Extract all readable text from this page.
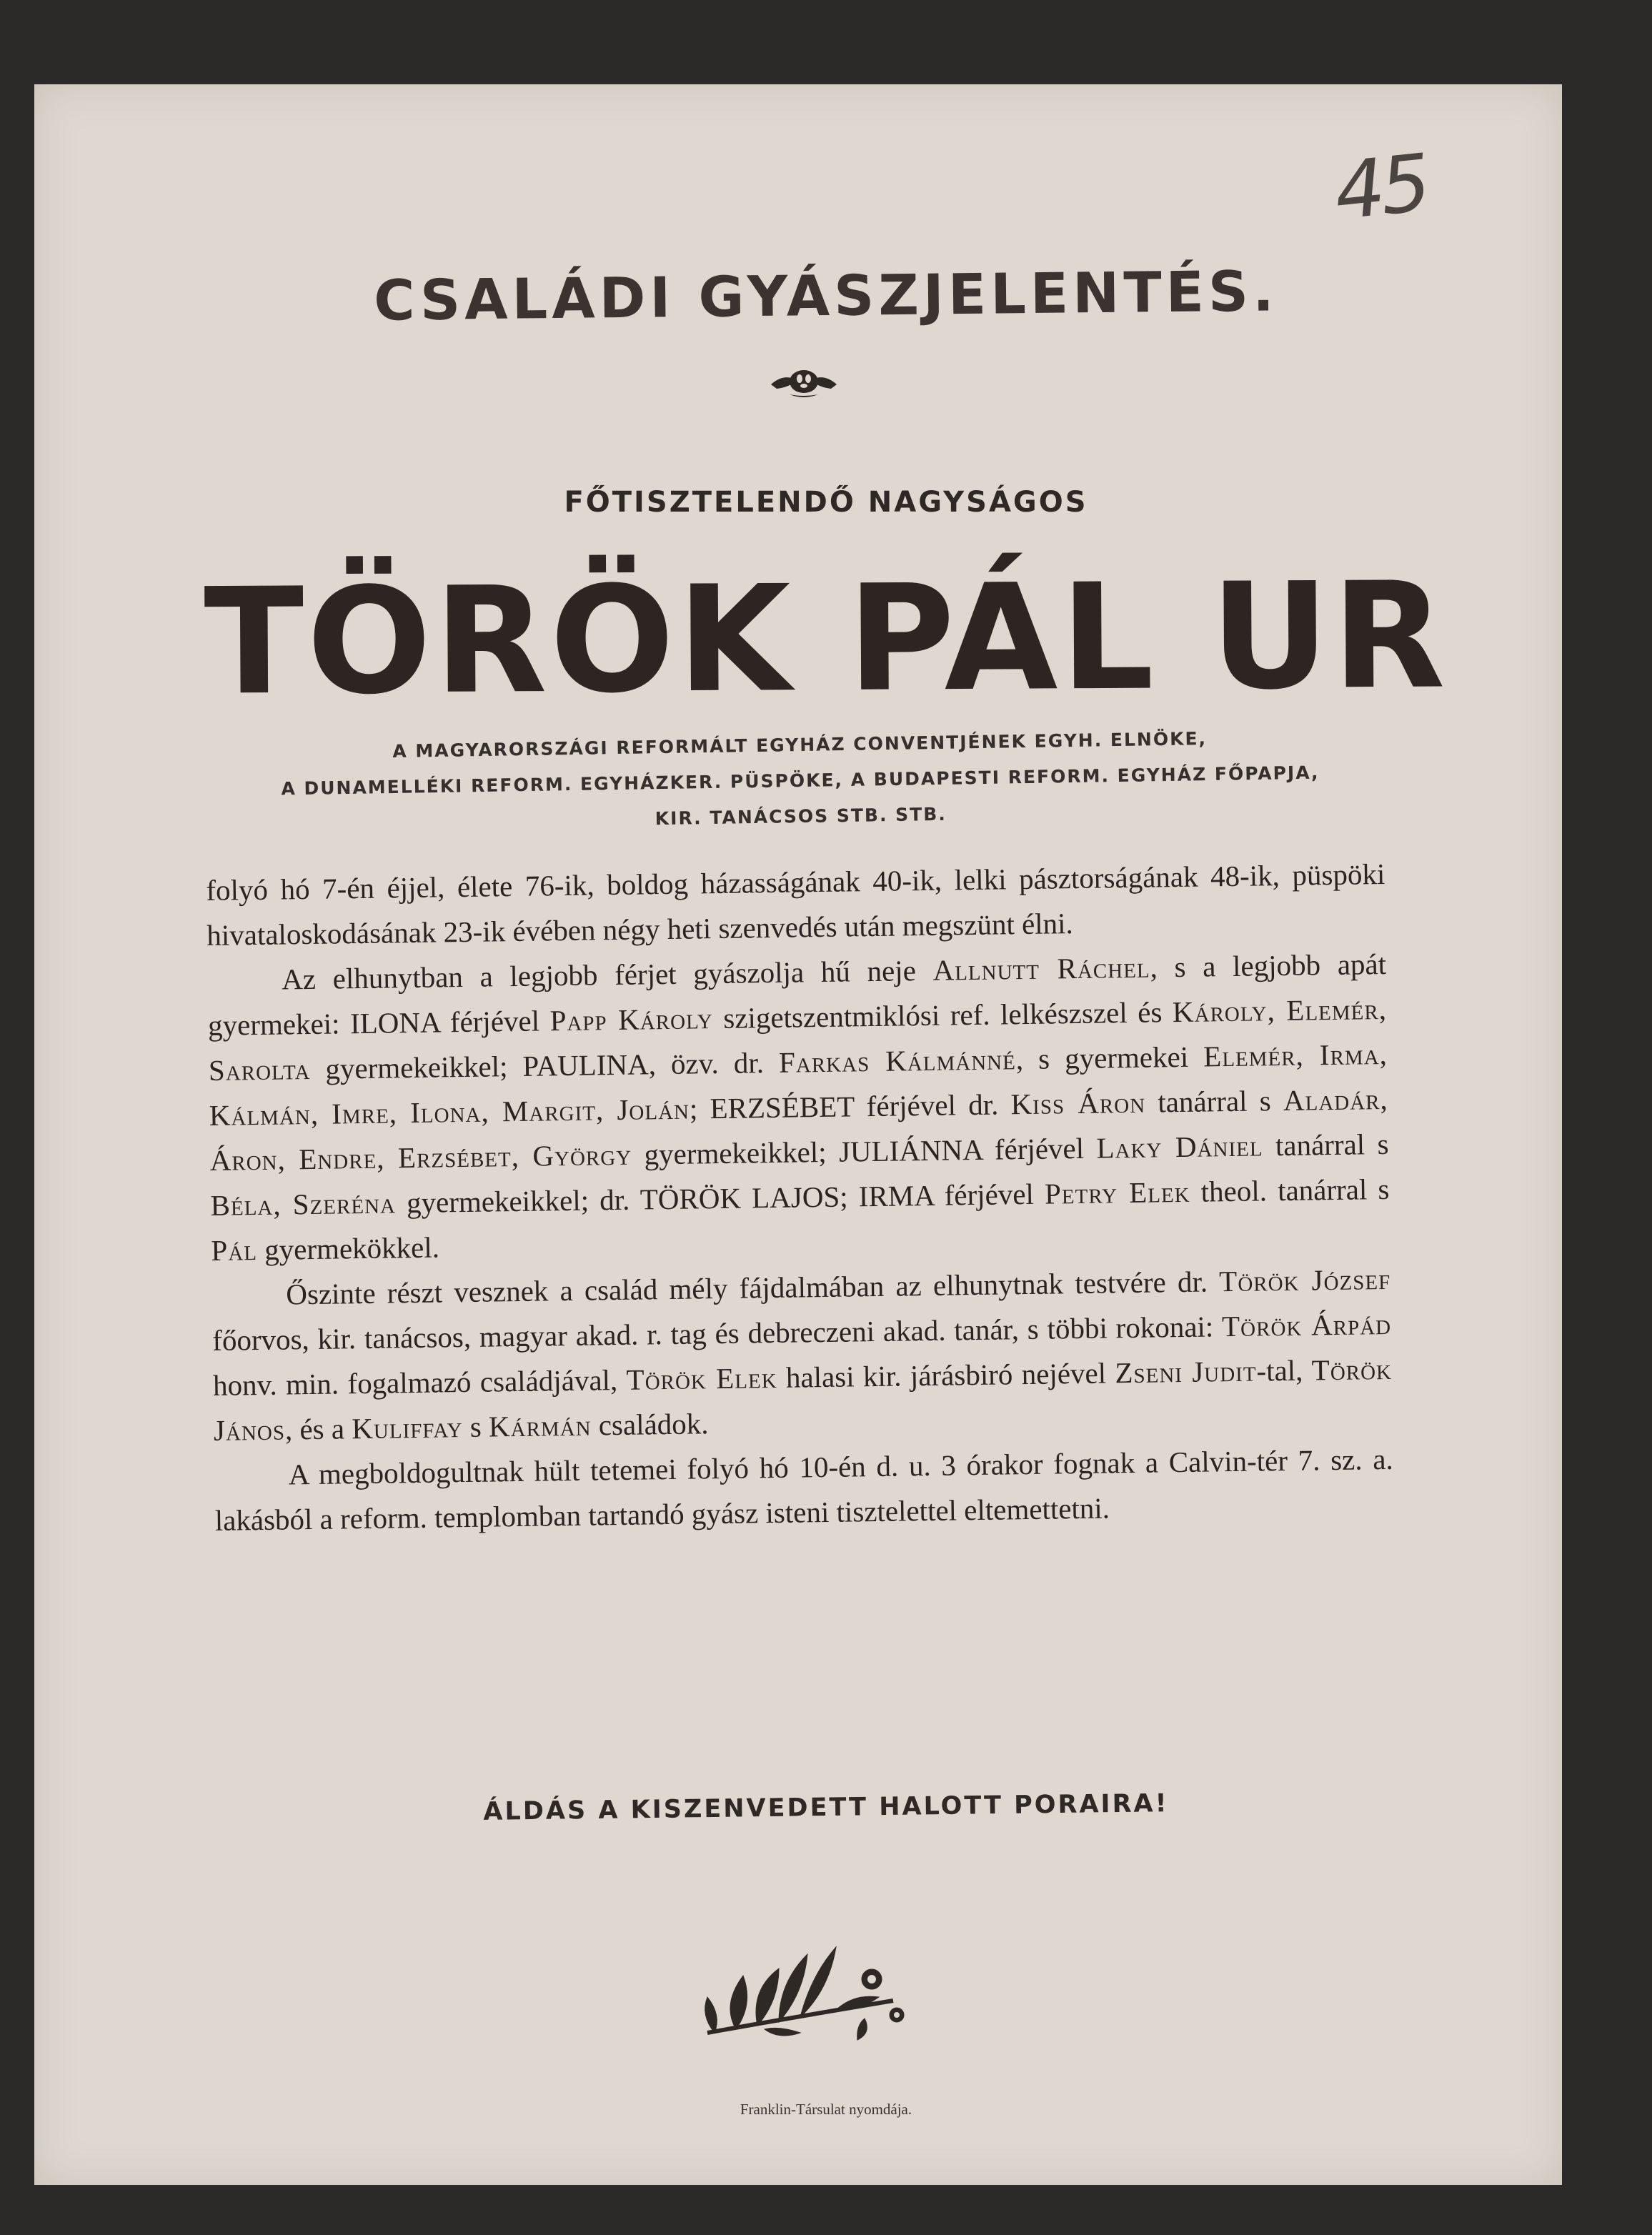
45
CSALÁDI GYÁSZJELENTÉS.
FŐTISZTELENDŐ NAGYSÁGOS
TÖRÖK PÁL UR
A MAGYARORSZÁGI REFORMÁLT EGYHÁZ CONVENTJÉNEK EGYH. ELNÖKE,
A DUNAMELLÉKI REFORM. EGYHÁZKER. PÜSPÖKE, A BUDAPESTI REFORM. EGYHÁZ FŐPAPJA,
KIR. TANÁCSOS STB. STB.

folyó hó 7-én éjjel, élete 76-ik, boldog házasságának 40-ik, lelki pásztorságának 48-ik, püspöki hivataloskodásának 23-ik évében négy heti szenvedés után megszünt élni.

Az elhunytban a legjobb férjet gyászolja hű neje Allnutt Ráchel, s a legjobb apát gyermekei: ILONA férjével Papp Károly szigetszentmiklósi ref. lelkészszel és Károly, Elemér, Sarolta gyermekeikkel; PAULINA, özv. dr. Farkas Kálmánné, s gyermekei Elemér, Irma, Kálmán, Imre, Ilona, Margit, Jolán; ERZSÉBET férjével dr. Kiss Áron tanárral s Aladár, Áron, Endre, Erzsébet, György gyermekeikkel; JULIÁNNA férjével Laky Dániel tanárral s Béla, Szeréna gyermekeikkel; dr. TÖRÖK LAJOS; IRMA férjével Petry Elek theol. tanárral s Pál gyermekökkel.

Őszinte részt vesznek a család mély fájdalmában az elhunytnak testvére dr. Török József főorvos, kir. tanácsos, magyar akad. r. tag és debreczeni akad. tanár, s többi rokonai: Török Árpád honv. min. fogalmazó családjával, Török Elek halasi kir. járásbiró nejével Zseni Judit-tal, Török János, és a Kuliffay s Kármán családok.

A megboldogultnak hült tetemei folyó hó 10-én d. u. 3 órakor fognak a Calvin-tér 7. sz. a. lakásból a reform. templomban tartandó gyász isteni tisztelettel eltemettetni.

ÁLDÁS A KISZENVEDETT HALOTT PORAIRA!
Franklin-Társulat nyomdája.
